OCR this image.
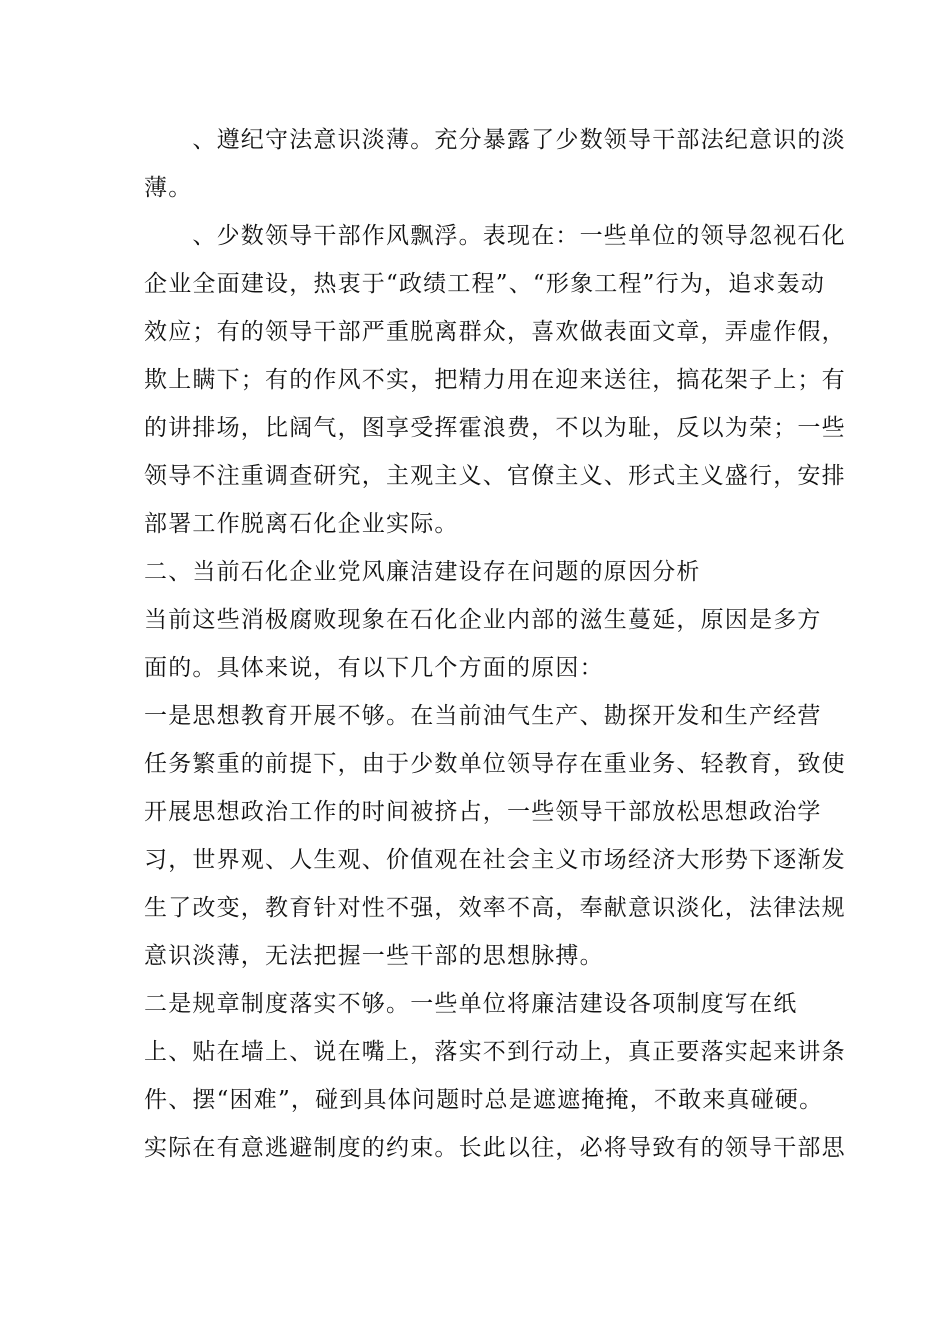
　　、遵纪守法意识淡薄。充分暴露了少数领导干部法纪意识的淡
薄。
　　、少数领导干部作风飘浮。表现在：一些单位的领导忽视石化
企业全面建设，热衷于“政绩工程”、“形象工程”行为，追求轰动
效应；有的领导干部严重脱离群众，喜欢做表面文章，弄虚作假，
欺上瞒下；有的作风不实，把精力用在迎来送往，搞花架子上；有
的讲排场，比阔气，图享受挥霍浪费，不以为耻，反以为荣；一些
领导不注重调查研究，主观主义、官僚主义、形式主义盛行，安排
部署工作脱离石化企业实际。
二、当前石化企业党风廉洁建设存在问题的原因分析
当前这些消极腐败现象在石化企业内部的滋生蔓延，原因是多方
面的。具体来说，有以下几个方面的原因：
一是思想教育开展不够。在当前油气生产、勘探开发和生产经营
任务繁重的前提下，由于少数单位领导存在重业务、轻教育，致使
开展思想政治工作的时间被挤占，一些领导干部放松思想政治学
习，世界观、人生观、价值观在社会主义市场经济大形势下逐渐发
生了改变，教育针对性不强，效率不高，奉献意识淡化，法律法规
意识淡薄，无法把握一些干部的思想脉搏。
二是规章制度落实不够。一些单位将廉洁建设各项制度写在纸
上、贴在墙上、说在嘴上，落实不到行动上，真正要落实起来讲条
件、摆“困难”，碰到具体问题时总是遮遮掩掩，不敢来真碰硬。
实际在有意逃避制度的约束。长此以往，必将导致有的领导干部思
